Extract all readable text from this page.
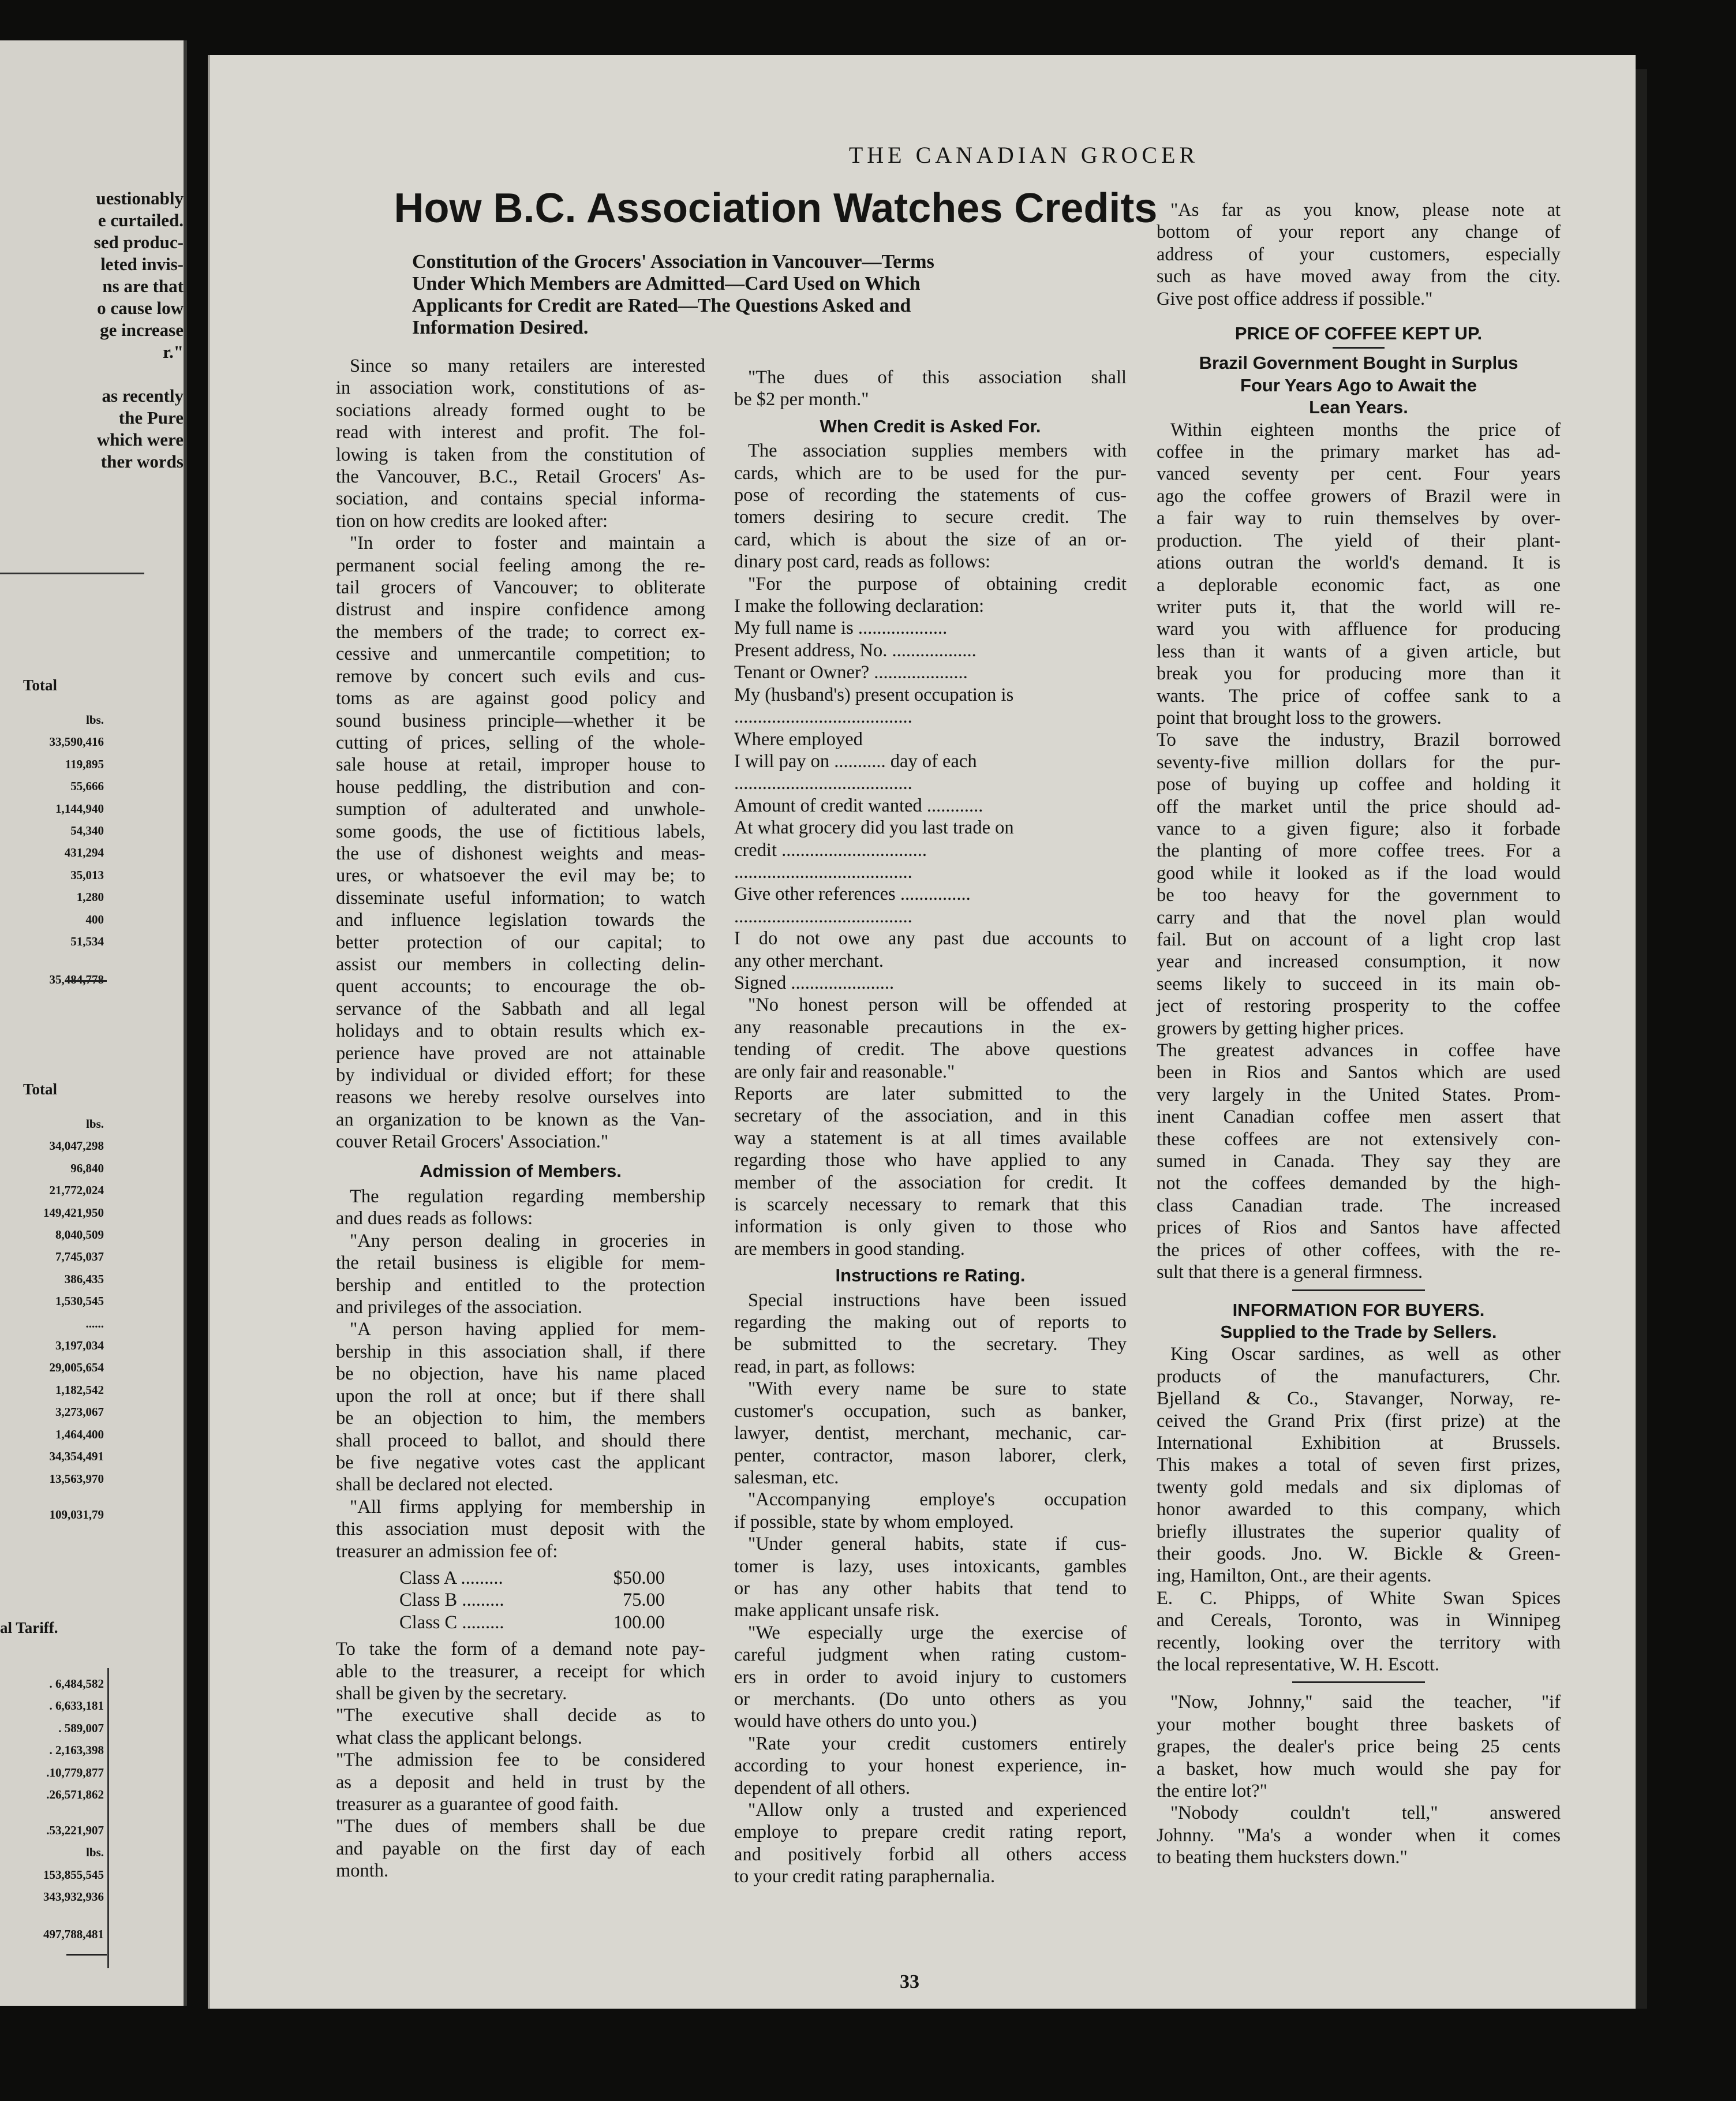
uestionably
e curtailed.
sed produc-
leted invis-
ns are that
o cause low
ge increase
r."

as recently
the Pure
which were
ther words
Total
lbs.
33,590,416
119,895
55,666
1,144,940
54,340
431,294
35,013
1,280
400
51,534
35,484,778
Total
lbs.
34,047,298
96,840
21,772,024
149,421,950
8,040,509
7,745,037
386,435
1,530,545
......
3,197,034
29,005,654
1,182,542
3,273,067
1,464,400
34,354,491
13,563,970
109,031,79
al Tariff.
. 6,484,582
. 6,633,181
. 589,007
. 2,163,398
.10,779,877
.26,571,862
.53,221,907
lbs.
153,855,545
343,932,936
497,788,481
THE CANADIAN GROCER
How B.C. Association Watches Credits
Constitution of the Grocers' Association in Vancouver—Terms
Under Which Members are Admitted—Card Used on Which
Applicants for Credit are Rated—The Questions Asked and
Information Desired.
Since so many retailers are interested
in association work, constitutions of as-
sociations already formed ought to be
read with interest and profit. The fol-
lowing is taken from the constitution of
the Vancouver, B.C., Retail Grocers' As-
sociation, and contains special informa-
tion on how credits are looked after:
"In order to foster and maintain a
permanent social feeling among the re-
tail grocers of Vancouver; to obliterate
distrust and inspire confidence among
the members of the trade; to correct ex-
cessive and unmercantile competition; to
remove by concert such evils and cus-
toms as are against good policy and
sound business principle—whether it be
cutting of prices, selling of the whole-
sale house at retail, improper house to
house peddling, the distribution and con-
sumption of adulterated and unwhole-
some goods, the use of fictitious labels,
the use of dishonest weights and meas-
ures, or whatsoever the evil may be; to
disseminate useful information; to watch
and influence legislation towards the
better protection of our capital; to
assist our members in collecting delin-
quent accounts; to encourage the ob-
servance of the Sabbath and all legal
holidays and to obtain results which ex-
perience have proved are not attainable
by individual or divided effort; for these
reasons we hereby resolve ourselves into
an organization to be known as the Van-
couver Retail Grocers' Association."
Admission of Members.
The regulation regarding membership
and dues reads as follows:
"Any person dealing in groceries in
the retail business is eligible for mem-
bership and entitled to the protection
and privileges of the association.
"A person having applied for mem-
bership in this association shall, if there
be no objection, have his name placed
upon the roll at once; but if there shall
be an objection to him, the members
shall proceed to ballot, and should there
be five negative votes cast the applicant
shall be declared not elected.
"All firms applying for membership in
this association must deposit with the
treasurer an admission fee of:
Class A .........	$50.00
Class B .........	75.00
Class C .........	100.00
To take the form of a demand note pay-
able to the treasurer, a receipt for which
shall be given by the secretary.
"The executive shall decide as to
what class the applicant belongs.
"The admission fee to be considered
as a deposit and held in trust by the
treasurer as a guarantee of good faith.
"The dues of members shall be due
and payable on the first day of each
month.
"The dues of this association shall
be $2 per month."
When Credit is Asked For.
The association supplies members with
cards, which are to be used for the pur-
pose of recording the statements of cus-
tomers desiring to secure credit. The
card, which is about the size of an or-
dinary post card, reads as follows:
"For the purpose of obtaining credit
I make the following declaration:
My full name is ...................
Present address, No. ..................
Tenant or Owner? ....................
My (husband's) present occupation is
......................................
Where employed
I will pay on ........... day of each
......................................
Amount of credit wanted ............
At what grocery did you last trade on
credit ...............................
......................................
Give other references ...............
......................................
I do not owe any past due accounts to
any other merchant.
Signed ......................
"No honest person will be offended at
any reasonable precautions in the ex-
tending of credit. The above questions
are only fair and reasonable."
Reports are later submitted to the
secretary of the association, and in this
way a statement is at all times available
regarding those who have applied to any
member of the association for credit. It
is scarcely necessary to remark that this
information is only given to those who
are members in good standing.
Instructions re Rating.
Special instructions have been issued
regarding the making out of reports to
be submitted to the secretary. They
read, in part, as follows:
"With every name be sure to state
customer's occupation, such as banker,
lawyer, dentist, merchant, mechanic, car-
penter, contractor, mason laborer, clerk,
salesman, etc.
"Accompanying employe's occupation
if possible, state by whom employed.
"Under general habits, state if cus-
tomer is lazy, uses intoxicants, gambles
or has any other habits that tend to
make applicant unsafe risk.
"We especially urge the exercise of
careful judgment when rating custom-
ers in order to avoid injury to customers
or merchants. (Do unto others as you
would have others do unto you.)
"Rate your credit customers entirely
according to your honest experience, in-
dependent of all others.
"Allow only a trusted and experienced
employe to prepare credit rating report,
and positively forbid all others access
to your credit rating paraphernalia.
"As far as you know, please note at
bottom of your report any change of
address of your customers, especially
such as have moved away from the city.
Give post office address if possible."
PRICE OF COFFEE KEPT UP.
Brazil Government Bought in Surplus
Four Years Ago to Await the
Lean Years.
Within eighteen months the price of
coffee in the primary market has ad-
vanced seventy per cent. Four years
ago the coffee growers of Brazil were in
a fair way to ruin themselves by over-
production. The yield of their plant-
ations outran the world's demand. It is
a deplorable economic fact, as one
writer puts it, that the world will re-
ward you with affluence for producing
less than it wants of a given article, but
break you for producing more than it
wants. The price of coffee sank to a
point that brought loss to the growers.
To save the industry, Brazil borrowed
seventy-five million dollars for the pur-
pose of buying up coffee and holding it
off the market until the price should ad-
vance to a given figure; also it forbade
the planting of more coffee trees. For a
good while it looked as if the load would
be too heavy for the government to
carry and that the novel plan would
fail. But on account of a light crop last
year and increased consumption, it now
seems likely to succeed in its main ob-
ject of restoring prosperity to the coffee
growers by getting higher prices.
The greatest advances in coffee have
been in Rios and Santos which are used
very largely in the United States. Prom-
inent Canadian coffee men assert that
these coffees are not extensively con-
sumed in Canada. They say they are
not the coffees demanded by the high-
class Canadian trade. The increased
prices of Rios and Santos have affected
the prices of other coffees, with the re-
sult that there is a general firmness.
INFORMATION FOR BUYERS.
Supplied to the Trade by Sellers.
King Oscar sardines, as well as other
products of the manufacturers, Chr.
Bjelland & Co., Stavanger, Norway, re-
ceived the Grand Prix (first prize) at the
International Exhibition at Brussels.
This makes a total of seven first prizes,
twenty gold medals and six diplomas of
honor awarded to this company, which
briefly illustrates the superior quality of
their goods. Jno. W. Bickle & Green-
ing, Hamilton, Ont., are their agents.
E. C. Phipps, of White Swan Spices
and Cereals, Toronto, was in Winnipeg
recently, looking over the territory with
the local representative, W. H. Escott.
"Now, Johnny," said the teacher, "if
your mother bought three baskets of
grapes, the dealer's price being 25 cents
a basket, how much would she pay for
the entire lot?"
"Nobody couldn't tell," answered
Johnny. "Ma's a wonder when it comes
to beating them hucksters down."
33
